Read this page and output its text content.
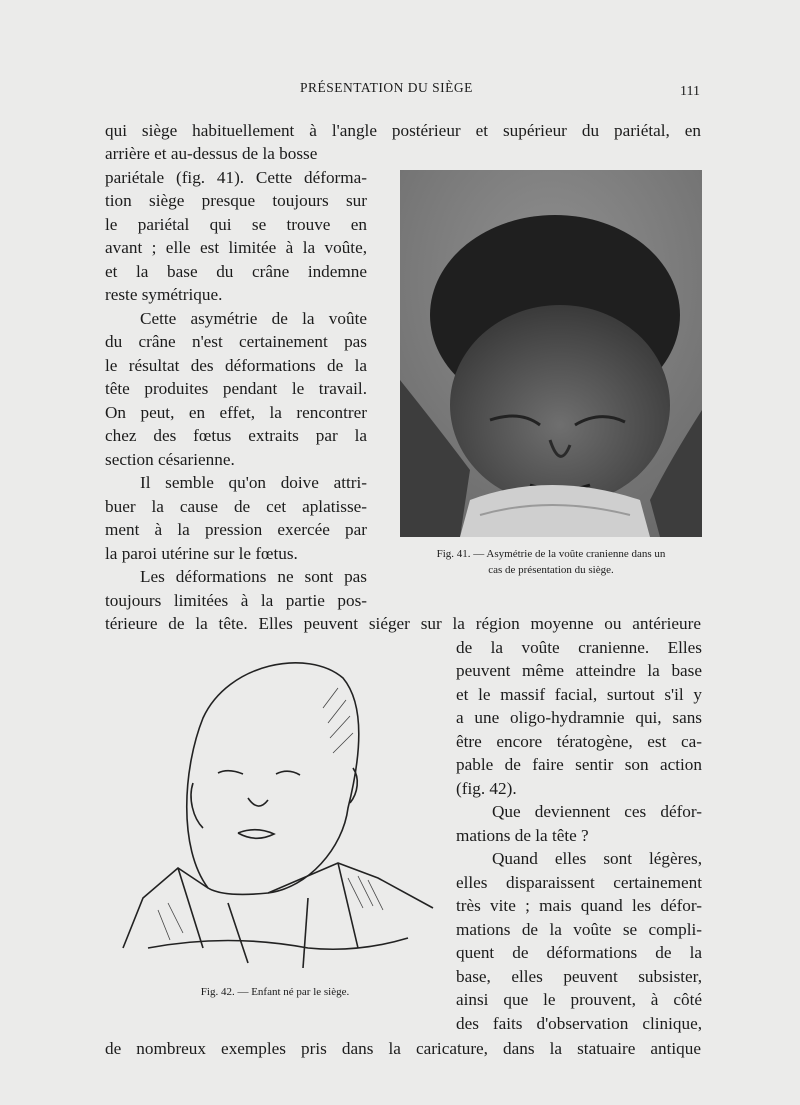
PRÉSENTATION DU SIÈGE	111
qui siège habituellement à l'angle postérieur et supérieur du pariétal, en
arrière et au-dessus de la bosse
pariétale (fig. 41). Cette déforma-
tion siège presque toujours sur
le pariétal qui se trouve en
avant ; elle est limitée à la voûte,
et la base du crâne indemne
reste symétrique.
Cette asymétrie de la voûte
du crâne n'est certainement pas
le résultat des déformations de la
tête produites pendant le travail.
On peut, en effet, la rencontrer
chez des fœtus extraits par la
section césarienne.
Il semble qu'on doive attri-
buer la cause de cet aplatisse-
ment à la pression exercée par
la paroi utérine sur le fœtus.
Les déformations ne sont pas
toujours limitées à la partie pos-
térieure de la tête. Elles peuvent siéger sur la région moyenne ou antérieure
de la voûte cranienne. Elles
peuvent même atteindre la base
et le massif facial, surtout s'il y
a une oligo-hydramnie qui, sans
être encore tératogène, est ca-
pable de faire sentir son action
(fig. 42).
Que deviennent ces défor-
mations de la tête ?
Quand elles sont légères,
elles disparaissent certainement
très vite ; mais quand les défor-
mations de la voûte se compli-
quent de déformations de la
base, elles peuvent subsister,
ainsi que le prouvent, à côté
des faits d'observation clinique,
de nombreux exemples pris dans la caricature, dans la statuaire antique
Fig. 41. — Asymétrie de la voûte cranienne dans un
cas de présentation du siège.
Fig. 42. — Enfant né par le siège.
